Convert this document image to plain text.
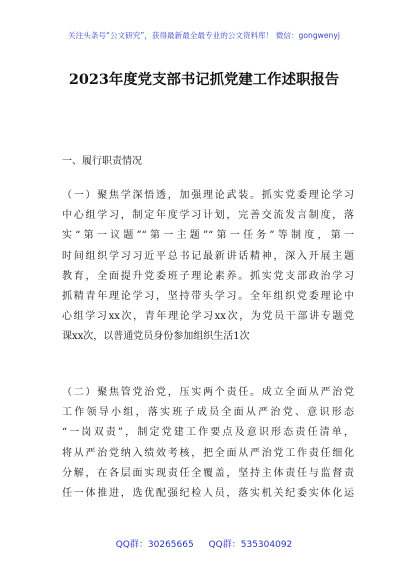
关注头条号“公文研究”，获得最新最全最专业的公文资料库！ 微信：gongwenyj
2023年度党支部书记抓党建工作述职报告
一、履行职责情况
（一）聚焦学深悟透，加强理论武装。抓实党委理论学习
中心组学习，制定年度学习计划，完善交流发言制度，落
实“第一议题”“第一主题”“第一任务”等制度，第一
时间组织学习习近平总书记最新讲话精神，深入开展主题
教育，全面提升党委班子理论素养。抓实党支部政治学习
抓精青年理论学习，坚持带头学习。全年组织党委理论中
心组学习xx次，青年理论学习xx次，为党员干部讲专题党
课xx次，以普通党员身份参加组织生活1次
（二）聚焦管党治党，压实两个责任。成立全面从严治党
工作领导小组，落实班子成员全面从严治党、意识形态
“一岗双责”，制定党建工作要点及意识形态责任清单，
将从严治党纳入绩效考核，把全面从严治党工作责任细化
分解，在各层面实现责任全覆盖，坚持主体责任与监督责
任一体推进，选优配强纪检人员，落实机关纪委实体化运
QQ群：30265665 QQ群：535304092
